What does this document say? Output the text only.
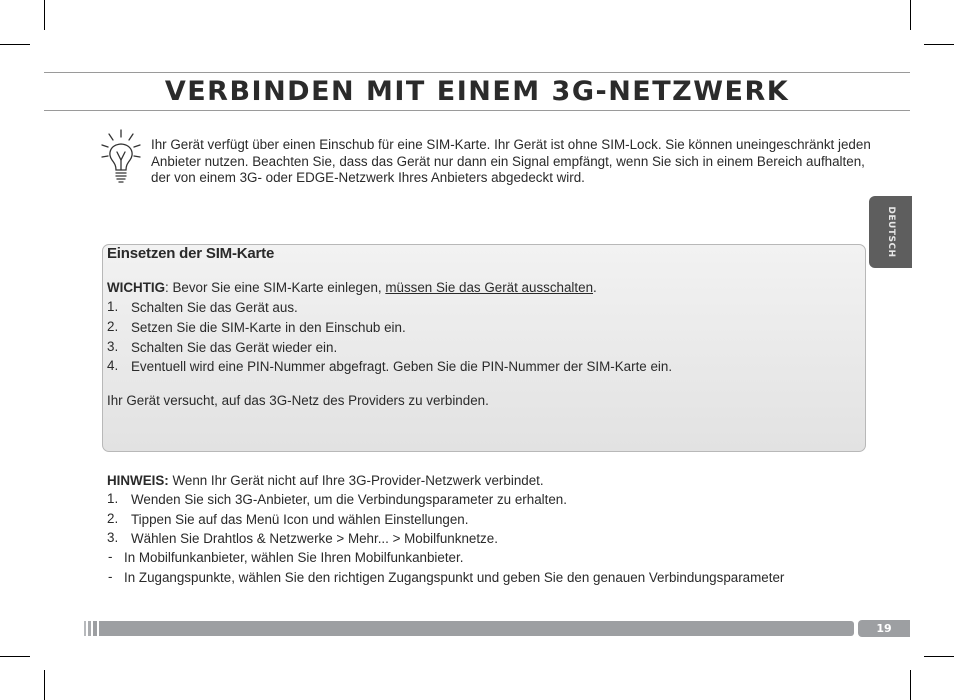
VERBINDEN MIT EINEM 3G-NETZWERK
Ihr Gerät verfügt über einen Einschub für eine SIM-Karte. Ihr Gerät ist ohne SIM-Lock. Sie können uneingeschränkt jeden Anbieter nutzen. Beachten Sie, dass das Gerät nur dann ein Signal empfängt, wenn Sie sich in einem Bereich aufhalten, der von einem 3G- oder EDGE-Netzwerk Ihres Anbieters abgedeckt wird.
DEUTSCH
Einsetzen der SIM-Karte
WICHTIG: Bevor Sie eine SIM-Karte einlegen, müssen Sie das Gerät ausschalten.
1. Schalten Sie das Gerät aus.
2. Setzen Sie die SIM-Karte in den Einschub ein.
3. Schalten Sie das Gerät wieder ein.
4. Eventuell wird eine PIN-Nummer abgefragt. Geben Sie die PIN-Nummer der SIM-Karte ein.
Ihr Gerät versucht, auf das 3G-Netz des Providers zu verbinden.
HINWEIS: Wenn Ihr Gerät nicht auf Ihre 3G-Provider-Netzwerk verbindet.
1. Wenden Sie sich 3G-Anbieter, um die Verbindungsparameter zu erhalten.
2. Tippen Sie auf das Menü Icon und wählen Einstellungen.
3. Wählen Sie Drahtlos & Netzwerke > Mehr... > Mobilfunknetze.
- In Mobilfunkanbieter, wählen Sie Ihren Mobilfunkanbieter.
- In Zugangspunkte, wählen Sie den richtigen Zugangspunkt und geben Sie den genauen Verbindungsparameter
19
